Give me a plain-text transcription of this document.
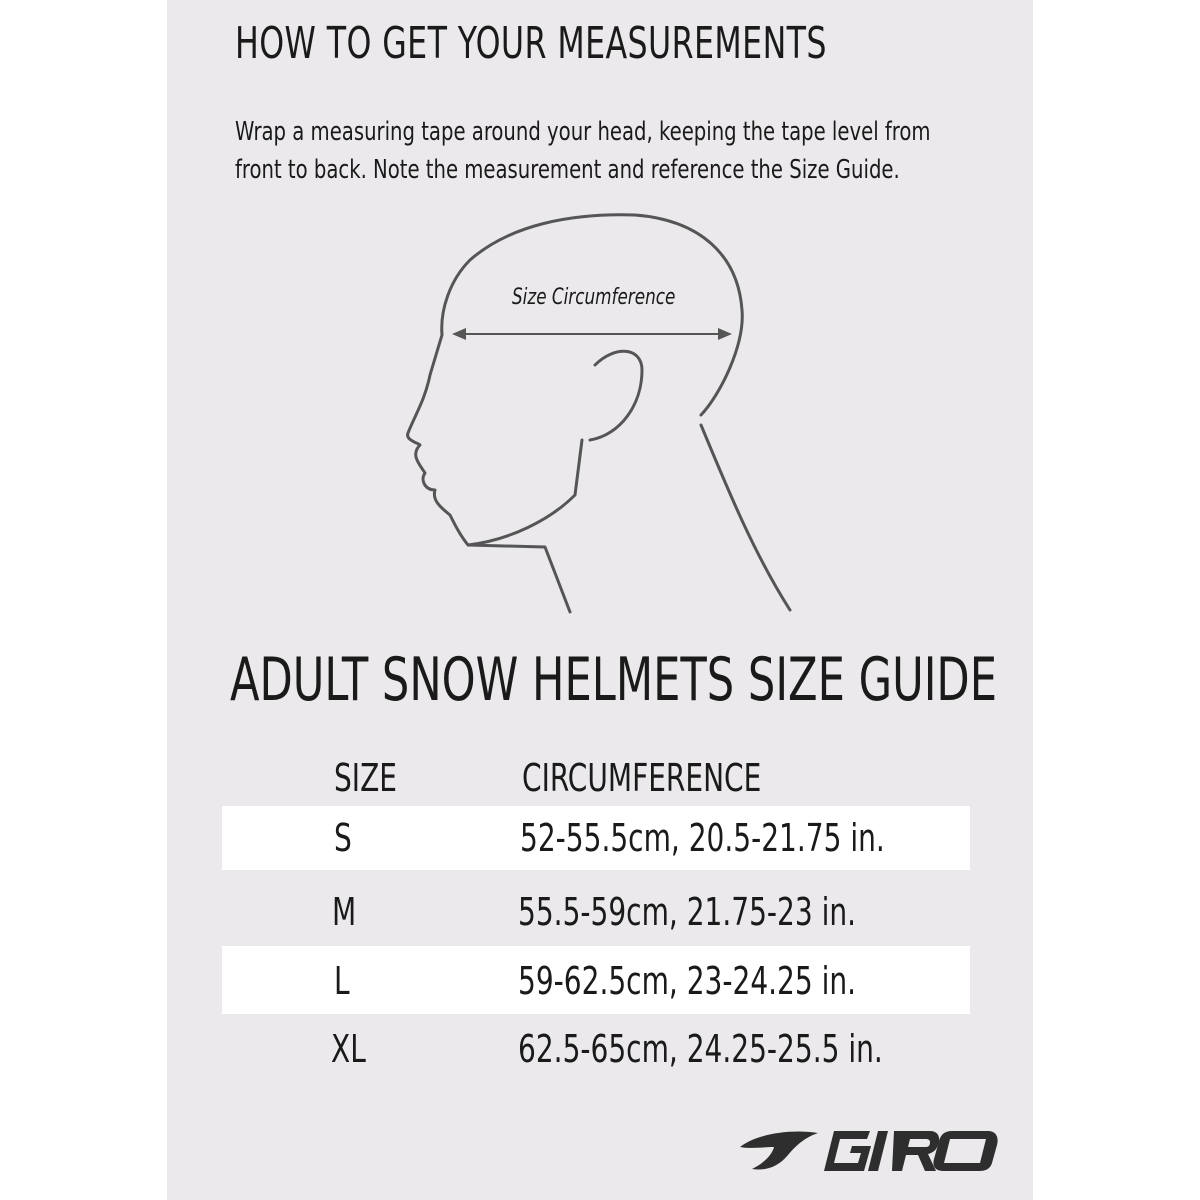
HOW TO GET YOUR MEASUREMENTS
Wrap a measuring tape around your head, keeping the tape level from
front to back. Note the measurement and reference the Size Guide.
Size Circumference
ADULT SNOW HELMETS SIZE GUIDE
SIZE	CIRCUMFERENCE
S	52-55.5cm, 20.5-21.75 in.
M	55.5-59cm, 21.75-23 in.
L	59-62.5cm, 23-24.25 in.
XL	62.5-65cm, 24.25-25.5 in.
